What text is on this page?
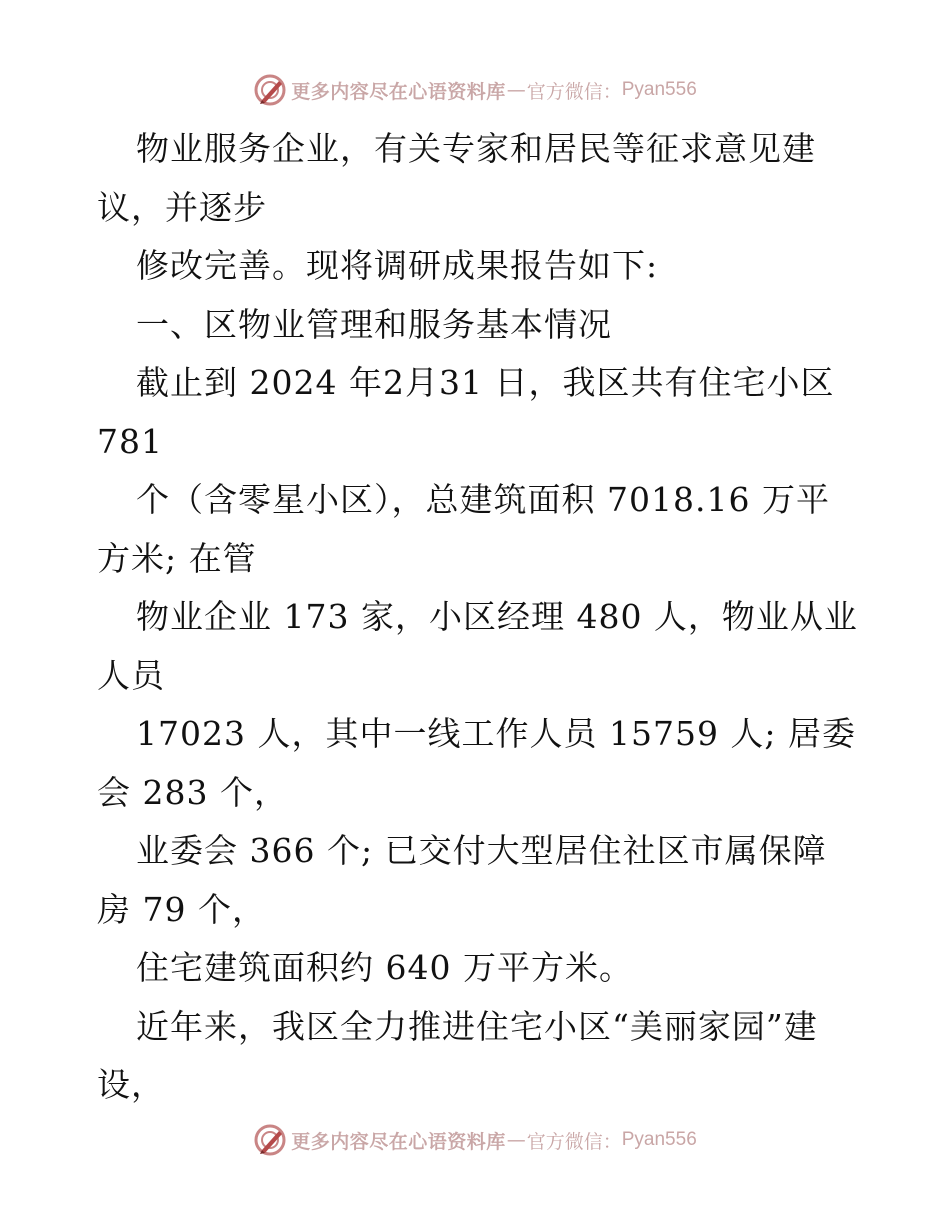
更多内容尽在心语资料库 — 官方微信： Pyan556
物业服务企业，有关专家和居民等征求意见建
议，并逐步
修改完善。现将调研成果报告如下:
一、区物业管理和服务基本情况
截止到 2024 年2月31 日，我区共有住宅小区
781
个（含零星小区），总建筑面积 7018.16 万平
方米; 在管
物业企业 173 家，小区经理 480 人，物业从业
人员
17023 人，其中一线工作人员 15759 人; 居委
会 283 个，
业委会 366 个; 已交付大型居住社区市属保障
房 79 个，
住宅建筑面积约 640 万平方米。
近年来，我区全力推进住宅小区“美丽家园”建
设，
更多内容尽在心语资料库 — 官方微信： Pyan556
